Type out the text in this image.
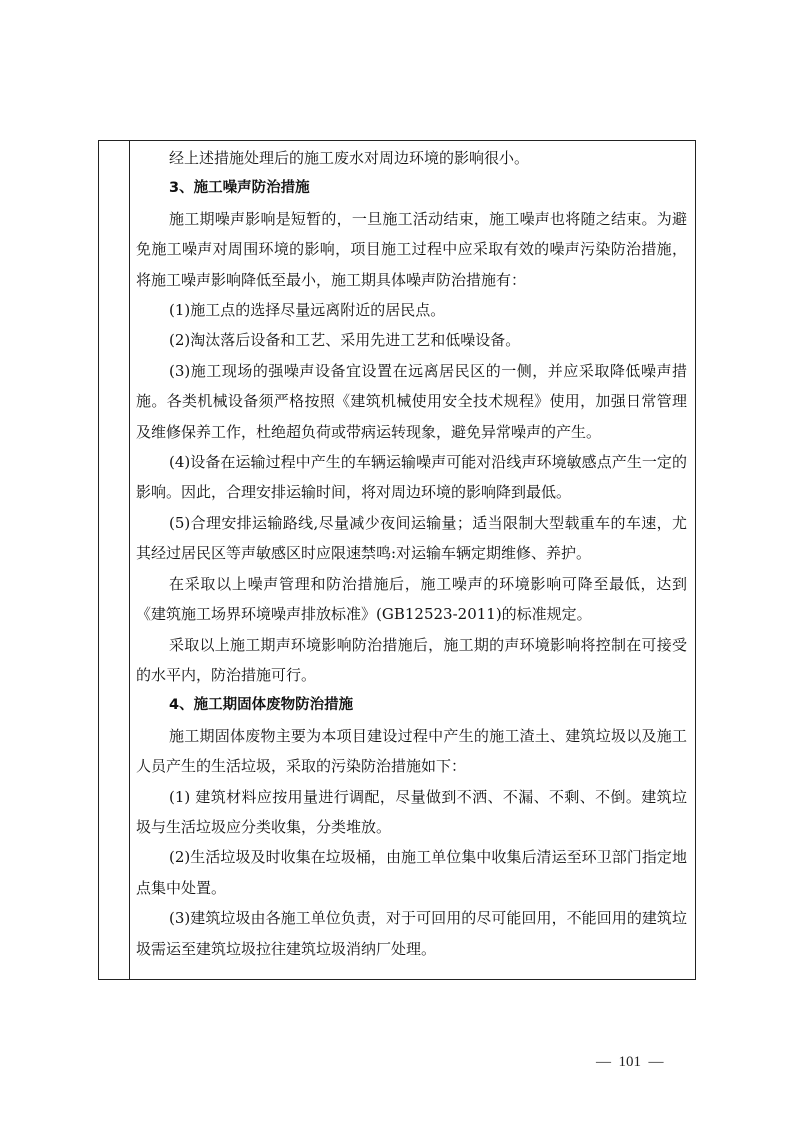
经上述措施处理后的施工废水对周边环境的影响很小。

3、施工噪声防治措施

施工期噪声影响是短暂的，一旦施工活动结束，施工噪声也将随之结束。为避免施工噪声对周围环境的影响，项目施工过程中应采取有效的噪声污染防治措施，将施工噪声影响降低至最小，施工期具体噪声防治措施有：

(1)施工点的选择尽量远离附近的居民点。

(2)淘汰落后设备和工艺、采用先进工艺和低噪设备。

(3)施工现场的强噪声设备宜设置在远离居民区的一侧，并应采取降低噪声措施。各类机械设备须严格按照《建筑机械使用安全技术规程》使用，加强日常管理及维修保养工作，杜绝超负荷或带病运转现象，避免异常噪声的产生。

(4)设备在运输过程中产生的车辆运输噪声可能对沿线声环境敏感点产生一定的影响。因此，合理安排运输时间，将对周边环境的影响降到最低。

(5)合理安排运输路线,尽量减少夜间运输量；适当限制大型载重车的车速，尤其经过居民区等声敏感区时应限速禁鸣:对运输车辆定期维修、养护。

在采取以上噪声管理和防治措施后，施工噪声的环境影响可降至最低，达到《建筑施工场界环境噪声排放标准》(GB12523-2011)的标准规定。

采取以上施工期声环境影响防治措施后，施工期的声环境影响将控制在可接受的水平内，防治措施可行。

4、施工期固体废物防治措施

施工期固体废物主要为本项目建设过程中产生的施工渣土、建筑垃圾以及施工人员产生的生活垃圾，采取的污染防治措施如下：

(1) 建筑材料应按用量进行调配，尽量做到不洒、不漏、不剩、不倒。建筑垃圾与生活垃圾应分类收集，分类堆放。

(2)生活垃圾及时收集在垃圾桶，由施工单位集中收集后清运至环卫部门指定地点集中处置。

(3)建筑垃圾由各施工单位负责，对于可回用的尽可能回用，不能回用的建筑垃圾需运至建筑垃圾拉往建筑垃圾消纳厂处理。

—  101  —
